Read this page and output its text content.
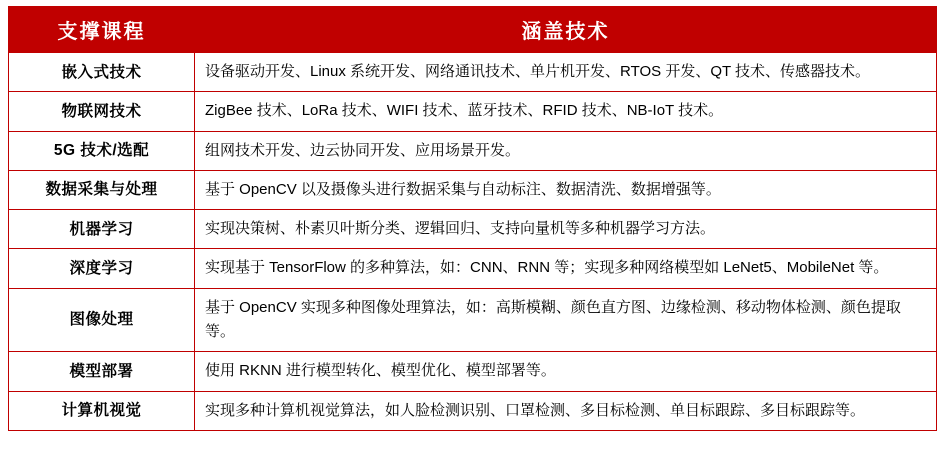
支撑课程	涵盖技术
嵌入式技术	设备驱动开发、Linux 系统开发、网络通讯技术、单片机开发、RTOS 开发、QT 技术、传感器技术。
物联网技术	ZigBee 技术、LoRa 技术、WIFI 技术、蓝牙技术、RFID 技术、NB-IoT 技术。
5G 技术/选配	组网技术开发、边云协同开发、应用场景开发。
数据采集与处理	基于 OpenCV 以及摄像头进行数据采集与自动标注、数据清洗、数据增强等。
机器学习	实现决策树、朴素贝叶斯分类、逻辑回归、支持向量机等多种机器学习方法。
深度学习	实现基于 TensorFlow 的多种算法，如：CNN、RNN 等；实现多种网络模型如 LeNet5、MobileNet 等。
图像处理	基于 OpenCV 实现多种图像处理算法，如：高斯模糊、颜色直方图、边缘检测、移动物体检测、颜色提取等。
模型部署	使用 RKNN 进行模型转化、模型优化、模型部署等。
计算机视觉	实现多种计算机视觉算法，如人脸检测识别、口罩检测、多目标检测、单目标跟踪、多目标跟踪等。
